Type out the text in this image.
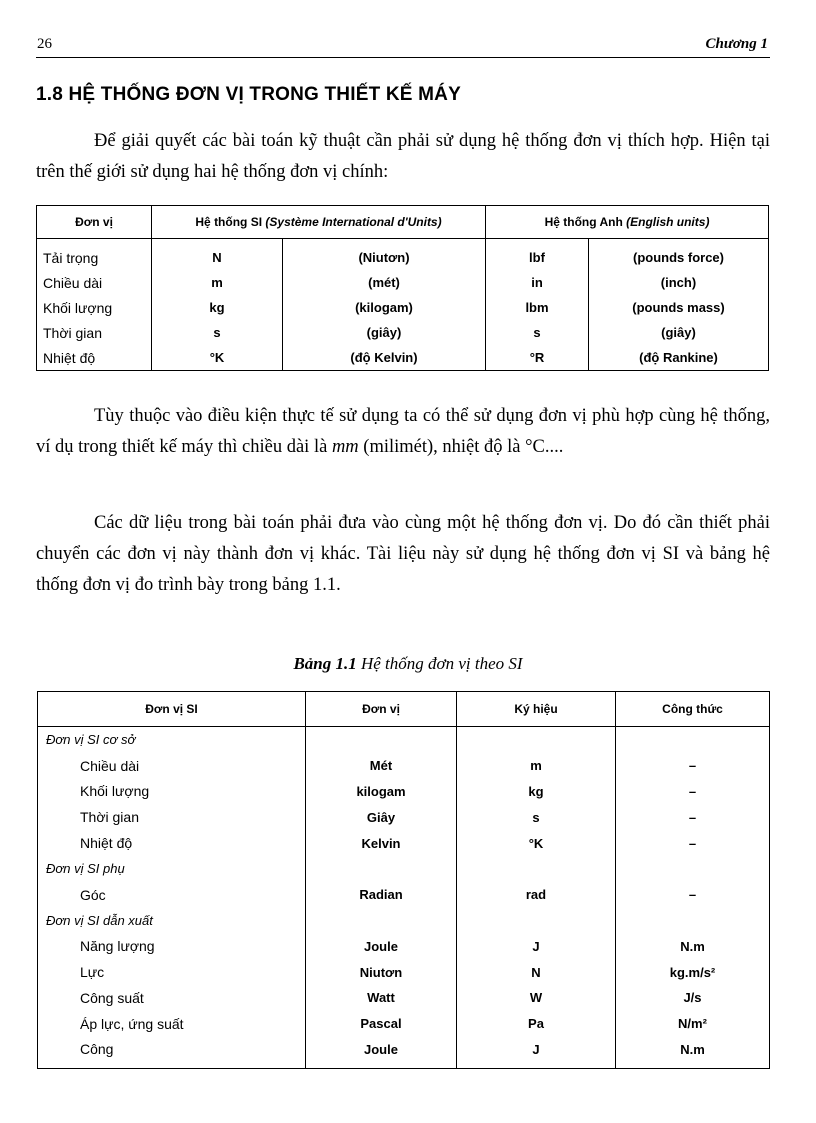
26	Chương 1
1.8 HỆ THỐNG ĐƠN VỊ TRONG THIẾT KẾ MÁY
Để giải quyết các bài toán kỹ thuật cần phải sử dụng hệ thống đơn vị thích hợp. Hiện tại trên thế giới sử dụng hai hệ thống đơn vị chính:
Đơn vị	Hệ thống SI (Système International d'Units)		Hệ thống Anh (English units)	
Tải trọng	N	(Niutơn)	lbf	(pounds force)
Chiều dài	m	(mét)	in	(inch)
Khối lượng	kg	(kilogam)	lbm	(pounds mass)
Thời gian	s	(giây)	s	(giây)
Nhiệt độ	°K	(độ Kelvin)	°R	(độ Rankine)
Tùy thuộc vào điều kiện thực tế sử dụng ta có thể sử dụng đơn vị phù hợp cùng hệ thống, ví dụ trong thiết kế máy thì chiều dài là mm (milimét), nhiệt độ là °C....
Các dữ liệu trong bài toán phải đưa vào cùng một hệ thống đơn vị. Do đó cần thiết phải chuyển các đơn vị này thành đơn vị khác. Tài liệu này sử dụng hệ thống đơn vị SI và bảng hệ thống đơn vị đo trình bày trong bảng 1.1.
Bảng 1.1 Hệ thống đơn vị theo SI
Đơn vị SI	Đơn vị	Ký hiệu	Công thức
Đơn vị SI cơ sở			
Chiều dài	Mét	m	–
Khối lượng	kilogam	kg	–
Thời gian	Giây	s	–
Nhiệt độ	Kelvin	°K	–
Đơn vị SI phụ			
Góc	Radian	rad	–
Đơn vị SI dẫn xuất			
Năng lượng	Joule	J	N.m
Lực	Niutơn	N	kg.m/s²
Công suất	Watt	W	J/s
Áp lực, ứng suất	Pascal	Pa	N/m²
Công	Joule	J	N.m
